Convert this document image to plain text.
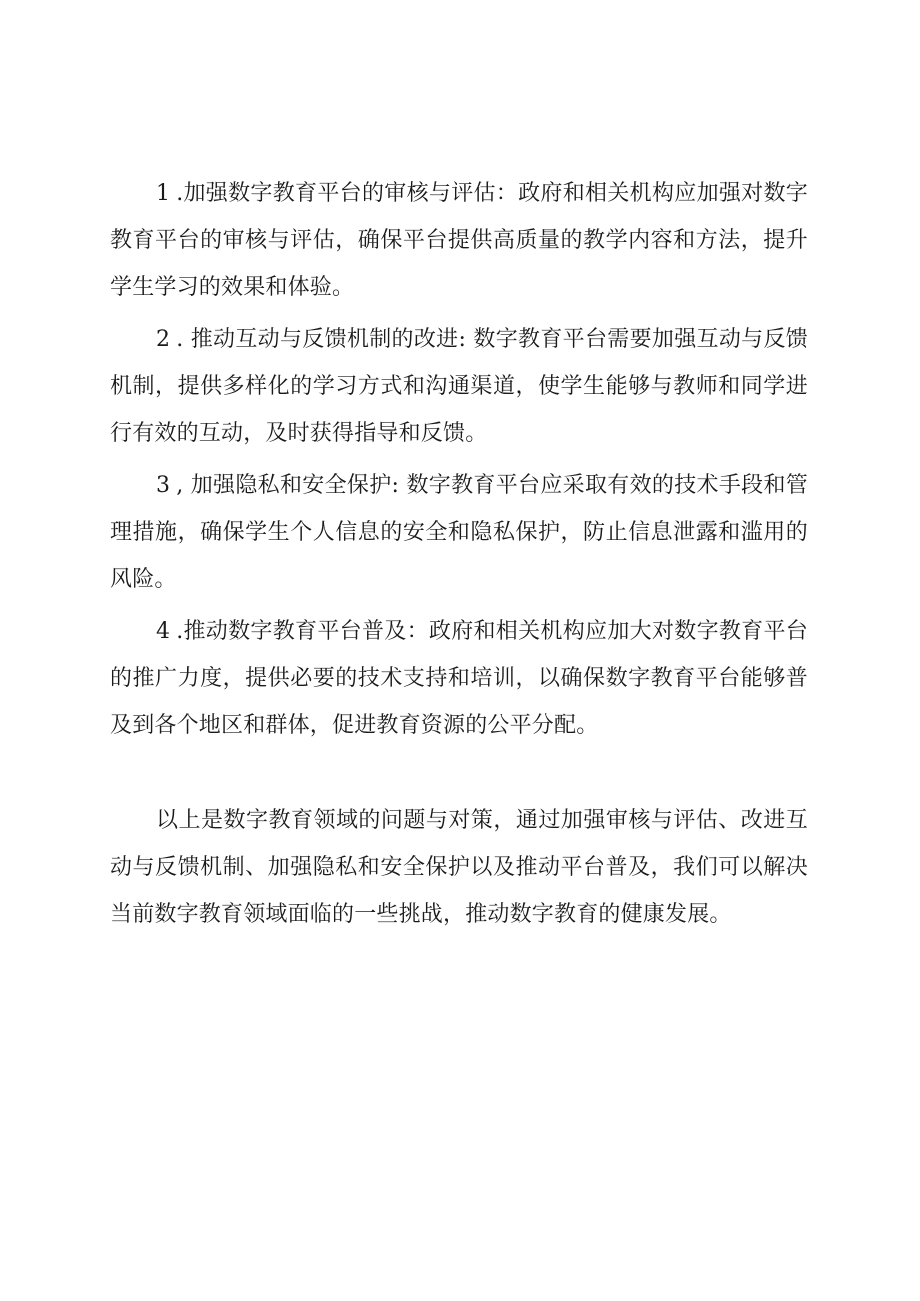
1 .加强数字教育平台的审核与评估：政府和相关机构应加强对数字教育平台的审核与评估，确保平台提供高质量的教学内容和方法，提升学生学习的效果和体验。

2 . 推动互动与反馈机制的改进: 数字教育平台需要加强互动与反馈机制，提供多样化的学习方式和沟通渠道，使学生能够与教师和同学进行有效的互动，及时获得指导和反馈。

3 , 加强隐私和安全保护: 数字教育平台应采取有效的技术手段和管理措施，确保学生个人信息的安全和隐私保护，防止信息泄露和滥用的风险。

4 .推动数字教育平台普及：政府和相关机构应加大对数字教育平台的推广力度，提供必要的技术支持和培训，以确保数字教育平台能够普及到各个地区和群体，促进教育资源的公平分配。

以上是数字教育领域的问题与对策，通过加强审核与评估、改进互动与反馈机制、加强隐私和安全保护以及推动平台普及，我们可以解决当前数字教育领域面临的一些挑战，推动数字教育的健康发展。
